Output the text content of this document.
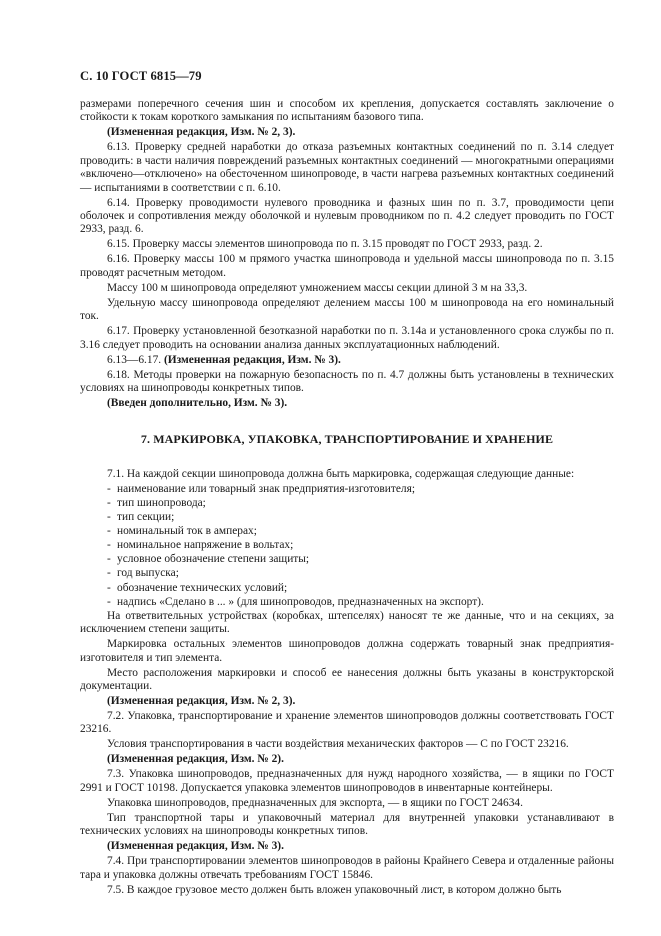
С. 10 ГОСТ 6815—79

размерами поперечного сечения шин и способом их крепления, допускается составлять заключение о стойкости к токам короткого замыкания по испытаниям базового типа.

(Измененная редакция, Изм. № 2, 3).

6.13. Проверку средней наработки до отказа разъемных контактных соединений по п. 3.14 следует проводить: в части наличия повреждений разъемных контактных соединений — многократными операциями «включено—отключено» на обесточенном шинопроводе, в части нагрева разъемных контактных соединений — испытаниями в соответствии с п. 6.10.

6.14. Проверку проводимости нулевого проводника и фазных шин по п. 3.7, проводимости цепи оболочек и сопротивления между оболочкой и нулевым проводником по п. 4.2 следует проводить по ГОСТ 2933, разд. 6.

6.15. Проверку массы элементов шинопровода по п. 3.15 проводят по ГОСТ 2933, разд. 2.

6.16. Проверку массы 100 м прямого участка шинопровода и удельной массы шинопровода по п. 3.15 проводят расчетным методом.

Массу 100 м шинопровода определяют умножением массы секции длиной 3 м на 33,3.

Удельную массу шинопровода определяют делением массы 100 м шинопровода на его номинальный ток.

6.17. Проверку установленной безотказной наработки по п. 3.14а и установленного срока службы по п. 3.16 следует проводить на основании анализа данных эксплуатационных наблюдений.

6.13—6.17. (Измененная редакция, Изм. № 3).

6.18. Методы проверки на пожарную безопасность по п. 4.7 должны быть установлены в технических условиях на шинопроводы конкретных типов.

(Введен дополнительно, Изм. № 3).

7. МАРКИРОВКА, УПАКОВКА, ТРАНСПОРТИРОВАНИЕ И ХРАНЕНИЕ

7.1. На каждой секции шинопровода должна быть маркировка, содержащая следующие данные:

- наименование или товарный знак предприятия-изготовителя;
- тип шинопровода;
- тип секции;
- номинальный ток в амперах;
- номинальное напряжение в вольтах;
- условное обозначение степени защиты;
- год выпуска;
- обозначение технических условий;
- надпись «Сделано в ... » (для шинопроводов, предназначенных на экспорт).

На ответвительных устройствах (коробках, штепселях) наносят те же данные, что и на секциях, за исключением степени защиты.

Маркировка остальных элементов шинопроводов должна содержать товарный знак предприятия-изготовителя и тип элемента.

Место расположения маркировки и способ ее нанесения должны быть указаны в конструкторской документации.

(Измененная редакция, Изм. № 2, 3).

7.2. Упаковка, транспортирование и хранение элементов шинопроводов должны соответствовать ГОСТ 23216.

Условия транспортирования в части воздействия механических факторов — С по ГОСТ 23216.

(Измененная редакция, Изм. № 2).

7.3. Упаковка шинопроводов, предназначенных для нужд народного хозяйства, — в ящики по ГОСТ 2991 и ГОСТ 10198. Допускается упаковка элементов шинопроводов в инвентарные контейнеры.

Упаковка шинопроводов, предназначенных для экспорта, — в ящики по ГОСТ 24634.

Тип транспортной тары и упаковочный материал для внутренней упаковки устанавливают в технических условиях на шинопроводы конкретных типов.

(Измененная редакция, Изм. № 3).

7.4. При транспортировании элементов шинопроводов в районы Крайнего Севера и отдаленные районы тара и упаковка должны отвечать требованиям ГОСТ 15846.

7.5. В каждое грузовое место должен быть вложен упаковочный лист, в котором должно быть
